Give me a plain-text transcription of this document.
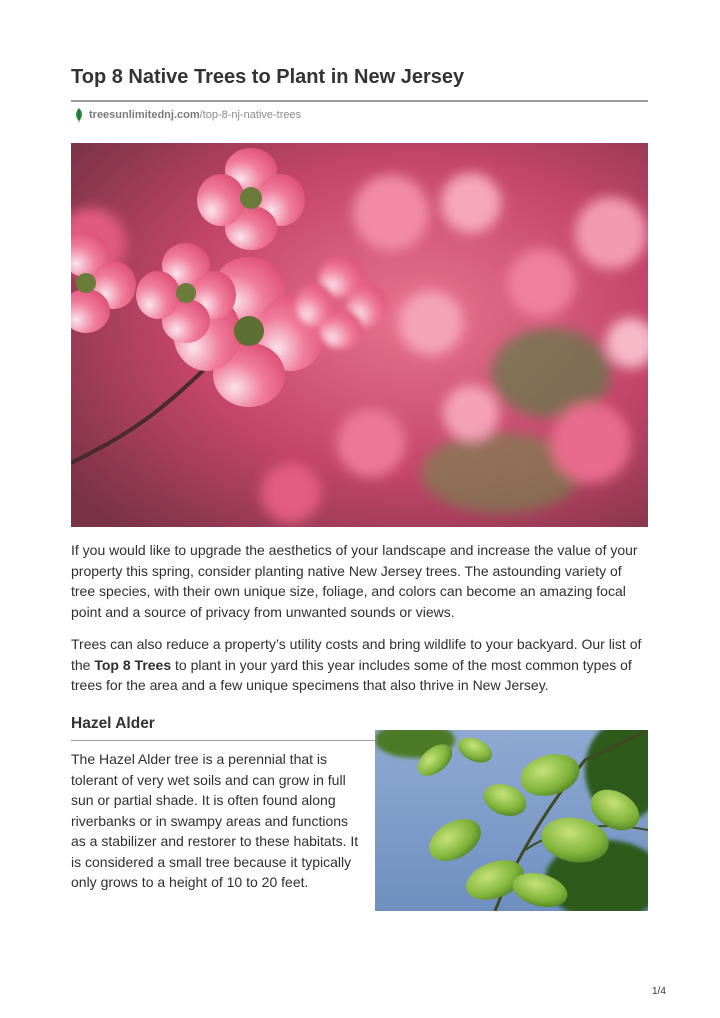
Top 8 Native Trees to Plant in New Jersey
treesunlimitednj.com /top-8-nj-native-trees

If you would like to upgrade the aesthetics of your landscape and increase the value of your property this spring, consider planting native New Jersey trees. The astounding variety of tree species, with their own unique size, foliage, and colors can become an amazing focal point and a source of privacy from unwanted sounds or views.

Trees can also reduce a property’s utility costs and bring wildlife to your backyard. Our list of the Top 8 Trees to plant in your yard this year includes some of the most common types of trees for the area and a few unique specimens that also thrive in New Jersey.

Hazel Alder

The Hazel Alder tree is a perennial that is tolerant of very wet soils and can grow in full sun or partial shade. It is often found along riverbanks or in swampy areas and functions as a stabilizer and restorer to these habitats. It is considered a small tree because it typically only grows to a height of 10 to 20 feet.

1/4
